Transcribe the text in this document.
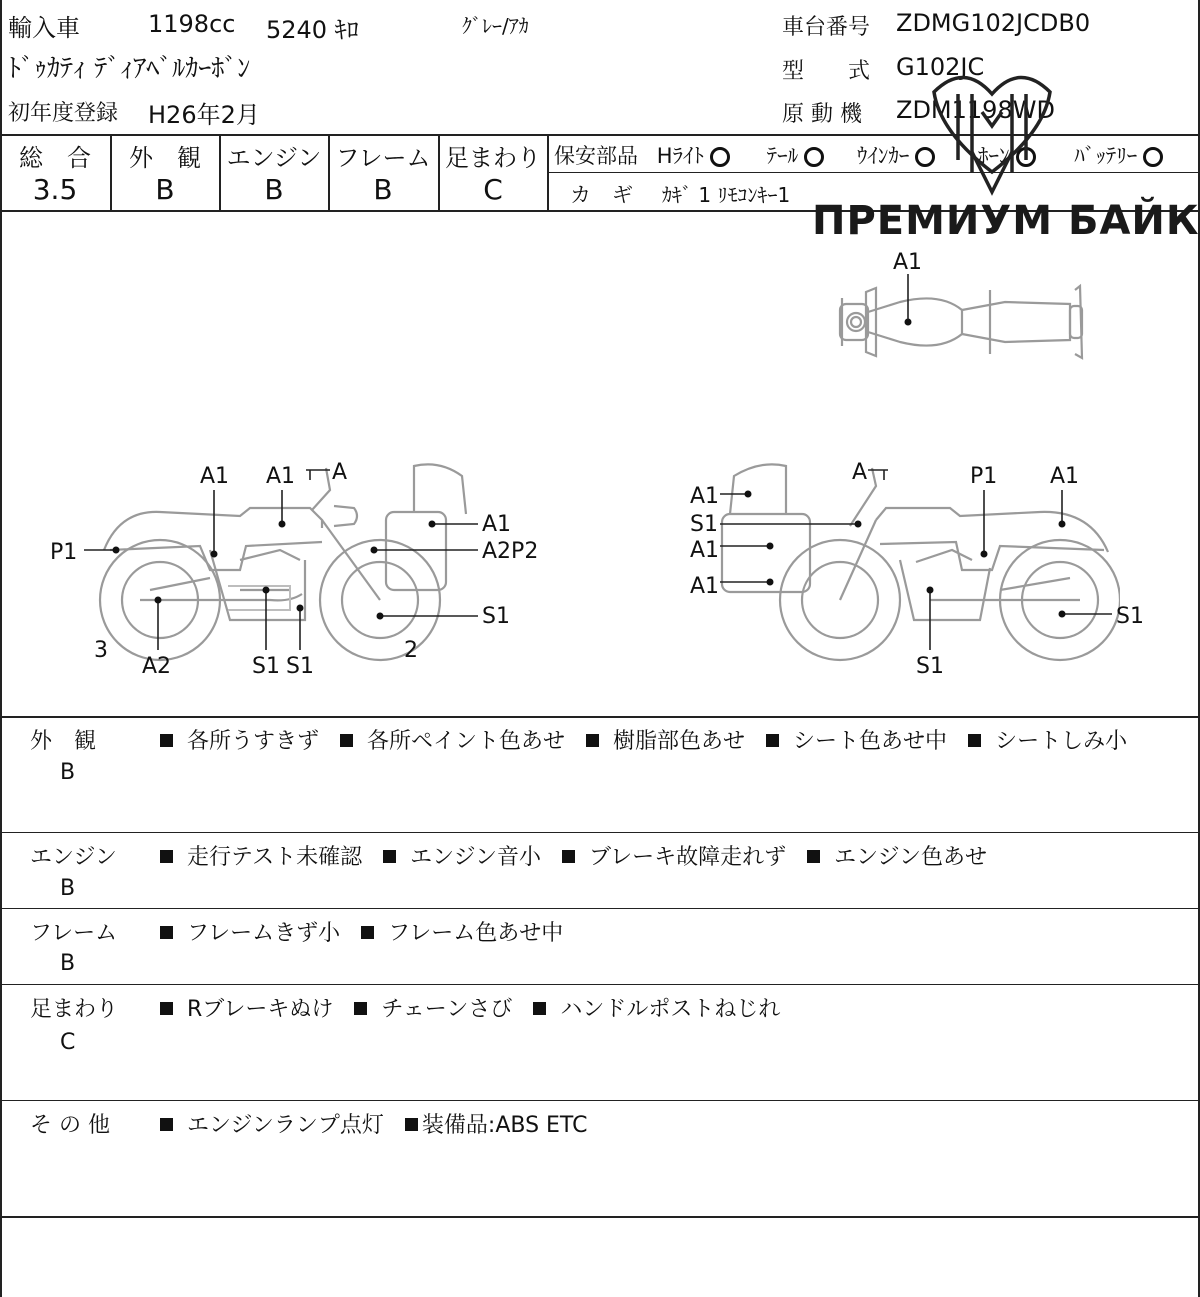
輸入車	1198cc 5240 ｷﾛ	ｸﾞﾚｰ/ｱｶ
ﾄﾞｩｶﾃｨ ﾃﾞｨｱﾍﾞﾙｶｰﾎﾞﾝ
初年度登録 H26年2月
車台番号 ZDMG102JCDB0
型　　式 G102JC
原 動 機 ZDM1198WD
総　合	外　観	エンジン フレーム 足まわり
3.5	B	B	B	C
保安部品 Hﾗｲﾄ	ﾃｰﾙ	ｳｲﾝｶｰ	ﾎｰﾝ	ﾊﾞｯﾃﾘｰ
カ　ギ ｶｷﾞ 1 ﾘﾓｺﾝｷｰ1
ПРЕМИУМ БАЙК
A1
A1 A1 A
P1
A1
A2P2
S1
3
A2	S1 S1
2
A	P1 A1
A1
S1
A1
A1
S1
S1
外　観
B
各所うすきず 各所ペイント色あせ 樹脂部色あせ シート色あせ中 シートしみ小
エンジン
B
走行テスト未確認 エンジン音小 ブレーキ故障走れず エンジン色あせ
フレーム
B
フレームきず小 フレーム色あせ中
足まわり
C
Rブレーキぬけ チェーンさび ハンドルポストねじれ
そ の 他	エンジンランプ点灯 装備品:ABS ETC
